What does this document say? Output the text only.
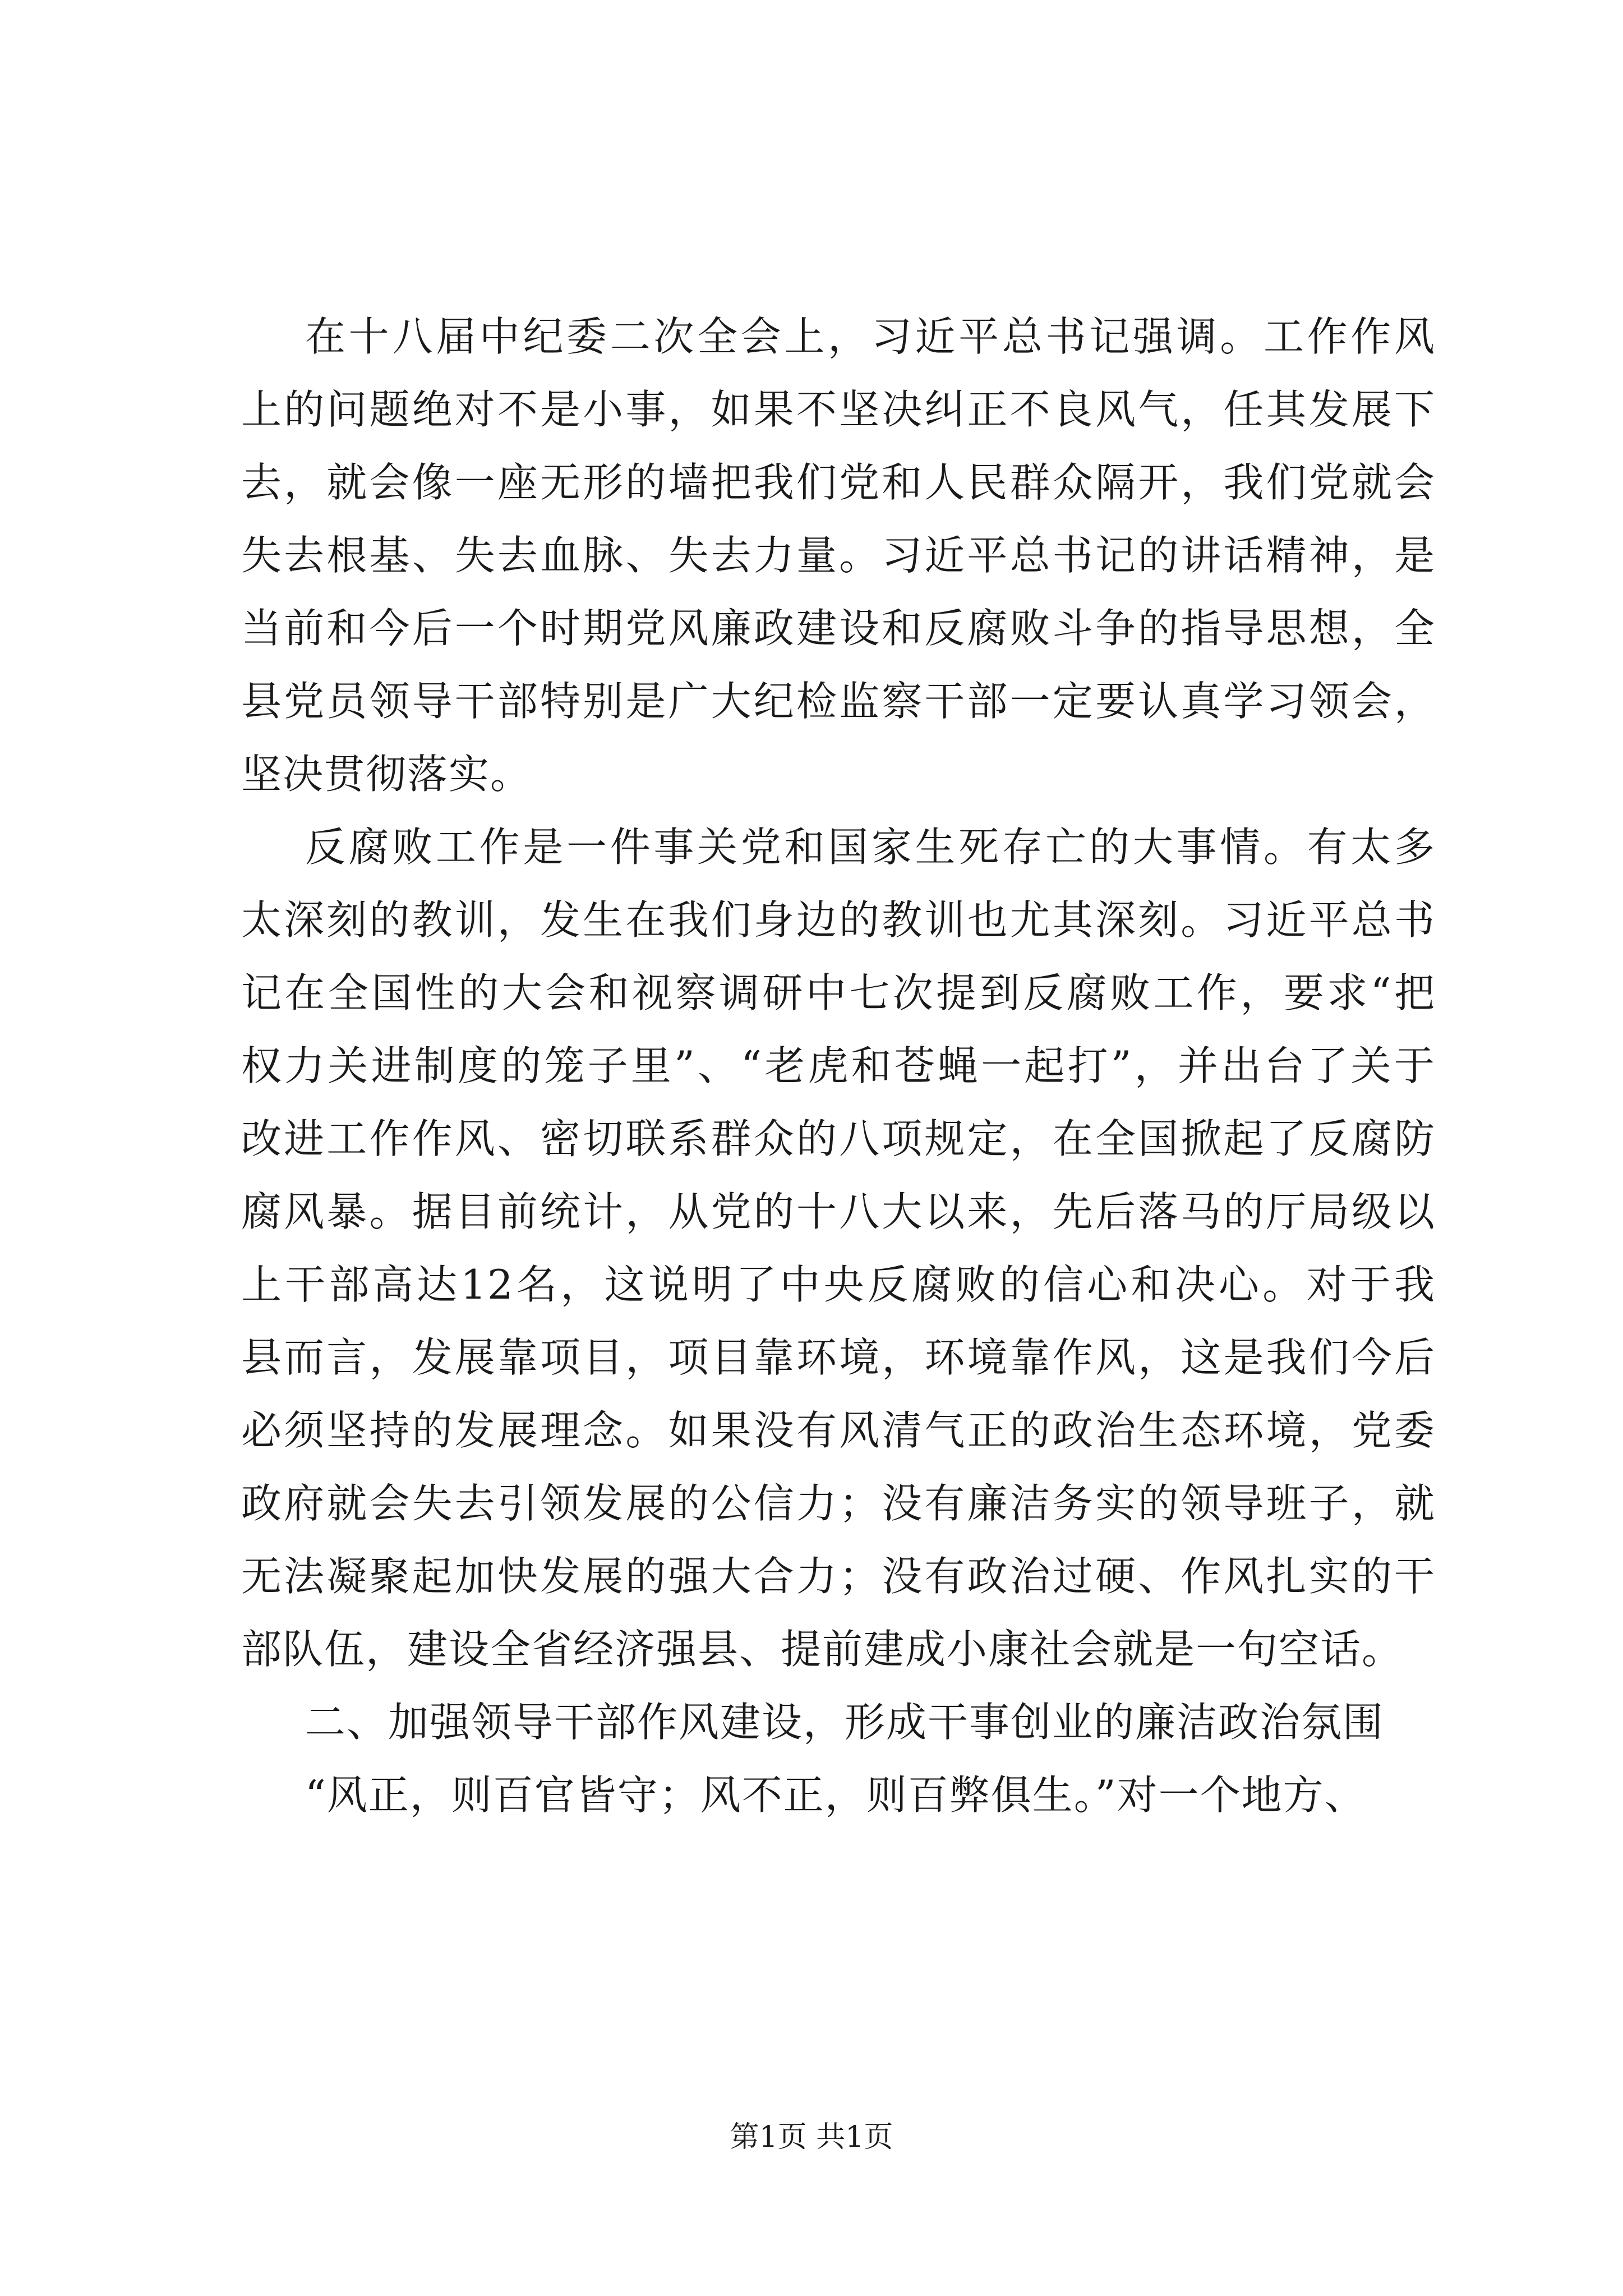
在十八届中纪委二次全会上，习近平总书记强调。工作作风
上的问题绝对不是小事，如果不坚决纠正不良风气，任其发展下
去，就会像一座无形的墙把我们党和人民群众隔开，我们党就会
失去根基、失去血脉、失去力量。习近平总书记的讲话精神，是
当前和今后一个时期党风廉政建设和反腐败斗争的指导思想，全
县党员领导干部特别是广大纪检监察干部一定要认真学习领会，
坚决贯彻落实。
反腐败工作是一件事关党和国家生死存亡的大事情。有太多
太深刻的教训，发生在我们身边的教训也尤其深刻。习近平总书
记在全国性的大会和视察调研中七次提到反腐败工作，要求“把
权力关进制度的笼子里”、“老虎和苍蝇一起打”，并出台了关于
改进工作作风、密切联系群众的八项规定，在全国掀起了反腐防
腐风暴。据目前统计，从党的十八大以来，先后落马的厅局级以
上干部高达12名，这说明了中央反腐败的信心和决心。对于我
县而言，发展靠项目，项目靠环境，环境靠作风，这是我们今后
必须坚持的发展理念。如果没有风清气正的政治生态环境，党委
政府就会失去引领发展的公信力；没有廉洁务实的领导班子，就
无法凝聚起加快发展的强大合力；没有政治过硬、作风扎实的干
部队伍，建设全省经济强县、提前建成小康社会就是一句空话。
二、加强领导干部作风建设，形成干事创业的廉洁政治氛围
“风正，则百官皆守；风不正，则百弊俱生。”对一个地方、
第1页 共1页
